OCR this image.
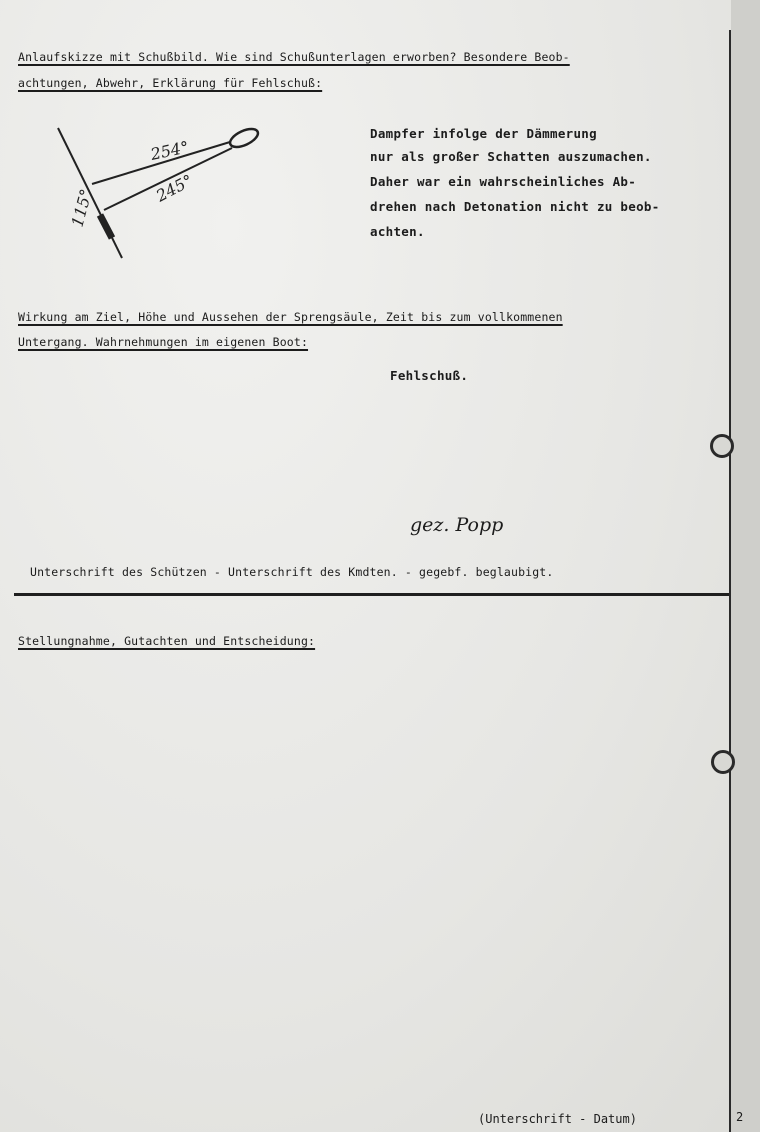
Anlaufskizze mit Schußbild. Wie sind Schußunterlagen erworben? Besondere Beob-
achtungen, Abwehr, Erklärung für Fehlschuß:
254°
245°
115°
Dampfer infolge der Dämmerung
nur als großer Schatten auszumachen.
Daher war ein wahrscheinliches Ab-
drehen nach Detonation nicht zu beob-
achten.
Wirkung am Ziel, Höhe und Aussehen der Sprengsäule, Zeit bis zum vollkommenen
Untergang. Wahrnehmungen im eigenen Boot:
Fehlschuß.
gez. Popp
Unterschrift des Schützen - Unterschrift des Kmdten. - gegebf. beglaubigt.
Stellungnahme, Gutachten und Entscheidung:
(Unterschrift - Datum)	2
